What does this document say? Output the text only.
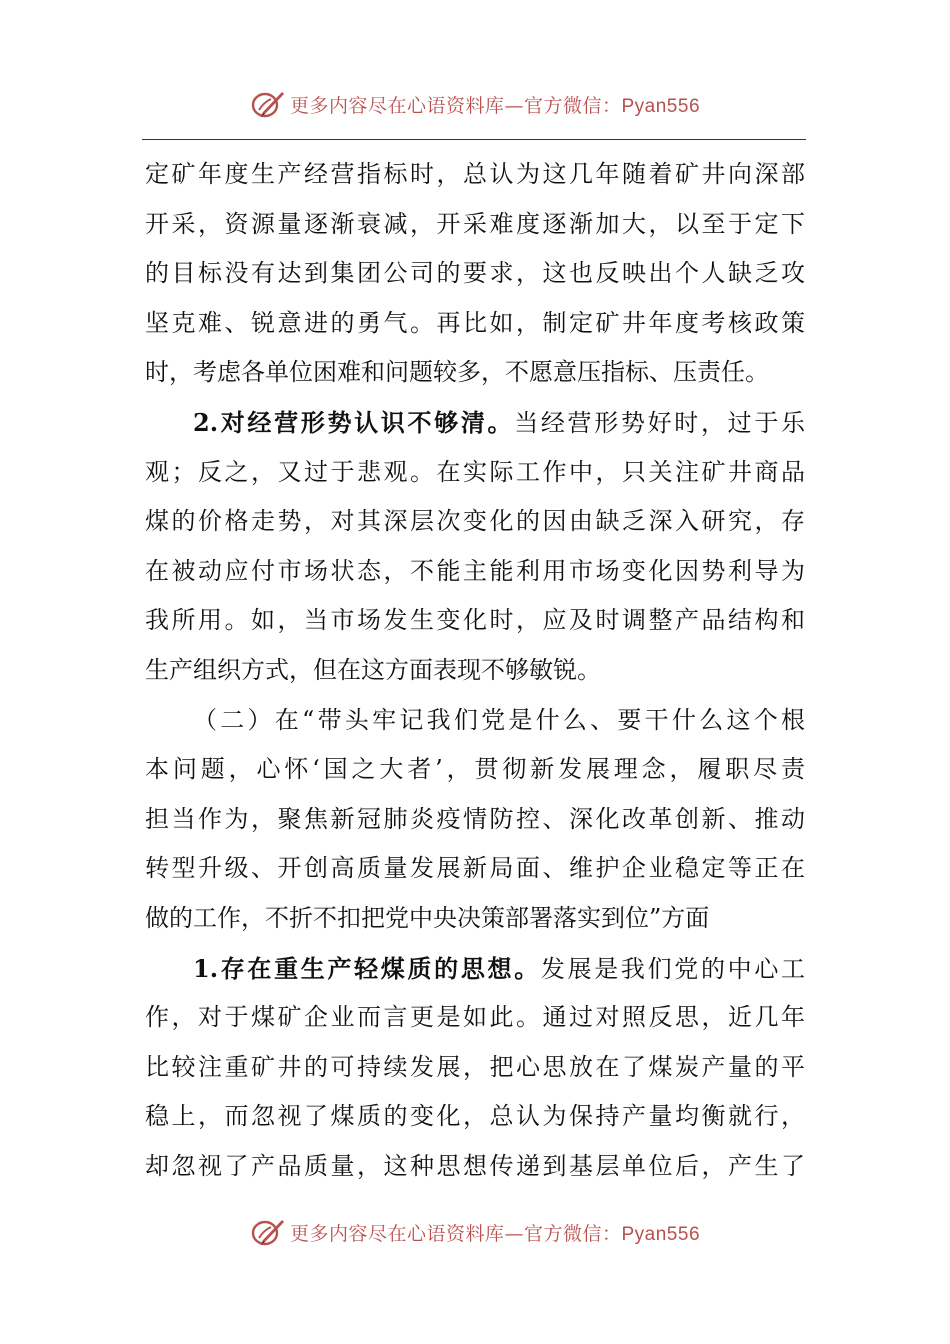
更多内容尽在心语资料库—官方微信：Pyan556
定矿年度生产经营指标时，总认为这几年随着矿井向深部
开采，资源量逐渐衰减，开采难度逐渐加大，以至于定下
的目标没有达到集团公司的要求，这也反映出个人缺乏攻
坚克难、锐意进的勇气。再比如，制定矿井年度考核政策
时，考虑各单位困难和问题较多，不愿意压指标、压责任。
2.对经营形势认识不够清。当经营形势好时，过于乐
观；反之，又过于悲观。在实际工作中，只关注矿井商品
煤的价格走势，对其深层次变化的因由缺乏深入研究，存
在被动应付市场状态，不能主能利用市场变化因势利导为
我所用。如，当市场发生变化时，应及时调整产品结构和
生产组织方式，但在这方面表现不够敏锐。
（二）在“带头牢记我们党是什么、要干什么这个根
本问题，心怀‘国之大者’，贯彻新发展理念，履职尽责
担当作为，聚焦新冠肺炎疫情防控、深化改革创新、推动
转型升级、开创高质量发展新局面、维护企业稳定等正在
做的工作，不折不扣把党中央决策部署落实到位”方面
1.存在重生产轻煤质的思想。发展是我们党的中心工
作，对于煤矿企业而言更是如此。通过对照反思，近几年
比较注重矿井的可持续发展，把心思放在了煤炭产量的平
稳上，而忽视了煤质的变化，总认为保持产量均衡就行，
却忽视了产品质量，这种思想传递到基层单位后，产生了
更多内容尽在心语资料库—官方微信：Pyan556
